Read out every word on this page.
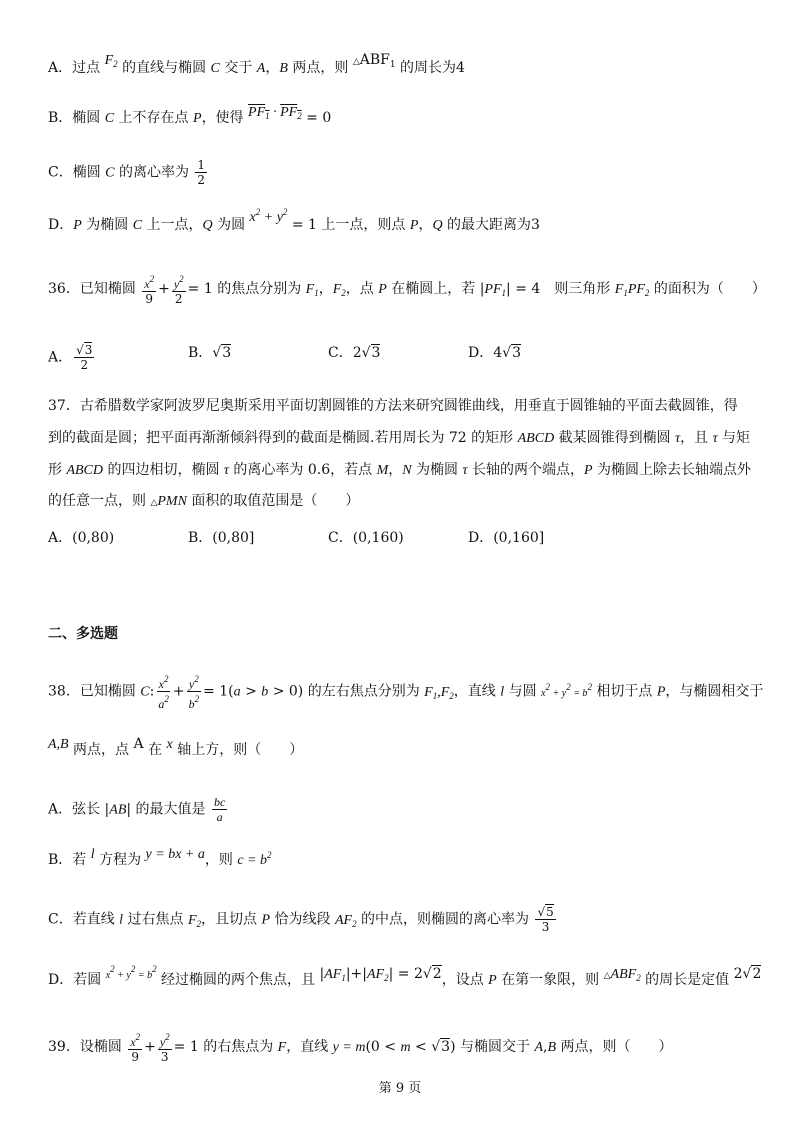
A．过点 $F_2$ 的直线与椭圆 C 交于 A，B 两点，则 $\triangle ABF_1$ 的周长为4
B．椭圆 C 上不存在点 P，使得 $PF_1 \cdot PF_2 = 0$
C．椭圆 C 的离心率为 $\frac{1}{2}$
D．P 为椭圆 C 上一点，Q 为圆 $x^2 + y^2 = 1$ 上一点，则点 P，Q 的最大距离为3
36．已知椭圆 $\frac{x^2}{9} + \frac{y^2}{2} = 1$ 的焦点分别为 $F_1$，$F_2$，点 P 在椭圆上，若 $|PF_1| = 4$　则三角形 $F_1PF_2$ 的面积为（　　）
A． $\frac{√3}{2}$	B．√3	C．2√3	D．4√3
37．古希腊数学家阿波罗尼奥斯采用平面切割圆锥的方法来研究圆锥曲线，用垂直于圆锥轴的平面去截圆锥，得
到的截面是圆；把平面再渐渐倾斜得到的截面是椭圆.若用周长为 72 的矩形 ABCD 截某圆锥得到椭圆 τ，且 τ 与矩
形 ABCD 的四边相切，椭圆 τ 的离心率为 0.6，若点 M，N 为椭圆 τ 长轴的两个端点，P 为椭圆上除去长轴端点外
的任意一点，则 △PMN 面积的取值范围是（　　）
A．(0,80)	B．(0,80]	C．(0,160)	D．(0,160]
二、多选题
38．已知椭圆 C: $\frac{x^2}{a^2} + \frac{y^2}{b^2} = 1(a > b > 0)$ 的左右焦点分别为 $F_1,F_2$，直线 l 与圆 x2 + y2 = b2 相切于点 P，与椭圆相交于
A,B 两点，点 A 在 x 轴上方，则（　　）
A．弦长 |AB| 的最大值是 $\frac{bc}{a}$
B．若 l 方程为 y = bx + a，则 $c = b^2$
C．若直线 l 过右焦点 $F_2$，且切点 P 恰为线段 $AF_2$ 的中点，则椭圆的离心率为 $\frac{√5}{3}$
D．若圆 $^{x2 + y2 = b2}$ 经过椭圆的两个焦点，且 $|AF_1|+|AF_2| = 2√2$，设点 P 在第一象限，则 $\triangle ABF_2$ 的周长是定值 2√2
39．设椭圆 $\frac{x^2}{9} + \frac{y^2}{3} = 1$ 的右焦点为 F，直线 y = m(0 < m < √3) 与椭圆交于 A,B 两点，则（　　）
第 9 页
